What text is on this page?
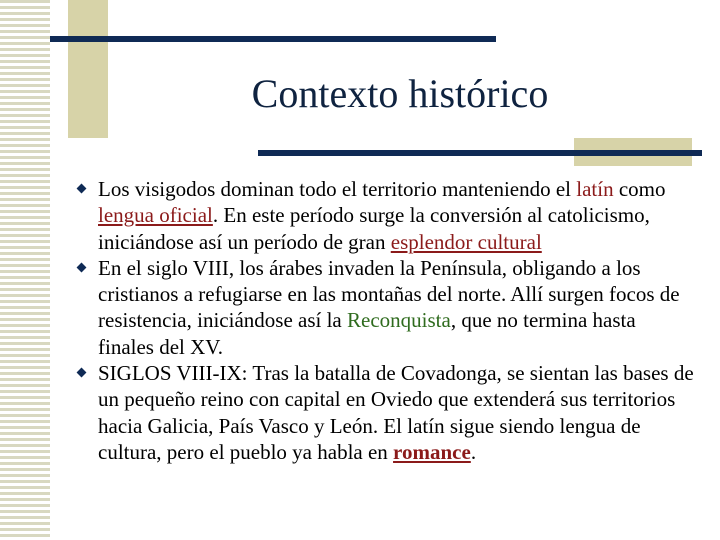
Contexto histórico

Los visigodos dominan todo el territorio manteniendo el latín como lengua oficial. En este período surge la conversión al catolicismo, iniciándose así un período de gran esplendor cultural

En el siglo VIII, los árabes invaden la Península, obligando a los cristianos a refugiarse en las montañas del norte. Allí surgen focos de resistencia, iniciándose así la Reconquista, que no termina hasta finales del XV.

SIGLOS VIII-IX: Tras la batalla de Covadonga, se sientan las bases de un pequeño reino con capital en Oviedo que extenderá sus territorios hacia Galicia, País Vasco y León. El latín sigue siendo lengua de cultura, pero el pueblo ya habla en romance.
